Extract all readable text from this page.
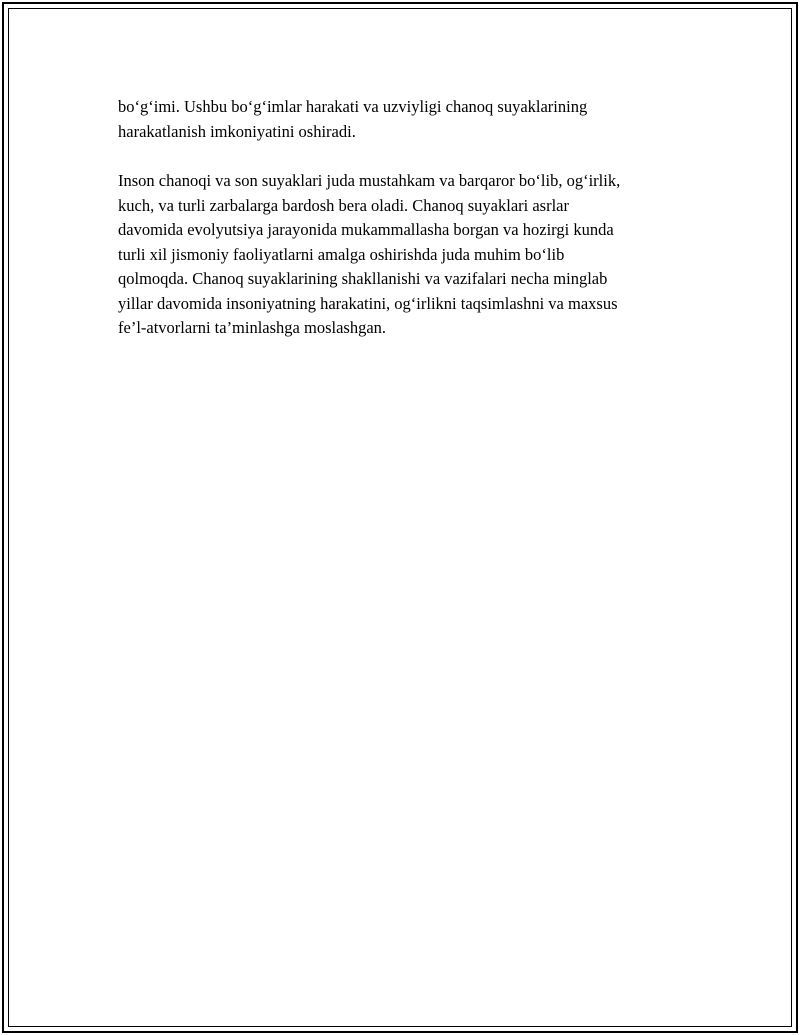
bo‘g‘imi. Ushbu bo‘g‘imlar harakati va uzviyligi chanoq suyaklarining
harakatlanish imkoniyatini oshiradi.

Inson chanoqi va son suyaklari juda mustahkam va barqaror bo‘lib, og‘irlik,
kuch, va turli zarbalarga bardosh bera oladi. Chanoq suyaklari asrlar
davomida evolyutsiya jarayonida mukammallasha borgan va hozirgi kunda
turli xil jismoniy faoliyatlarni amalga oshirishda juda muhim bo‘lib
qolmoqda. Chanoq suyaklarining shakllanishi va vazifalari necha minglab
yillar davomida insoniyatning harakatini, og‘irlikni taqsimlashni va maxsus
fe’l-atvorlarni ta’minlashga moslashgan.
